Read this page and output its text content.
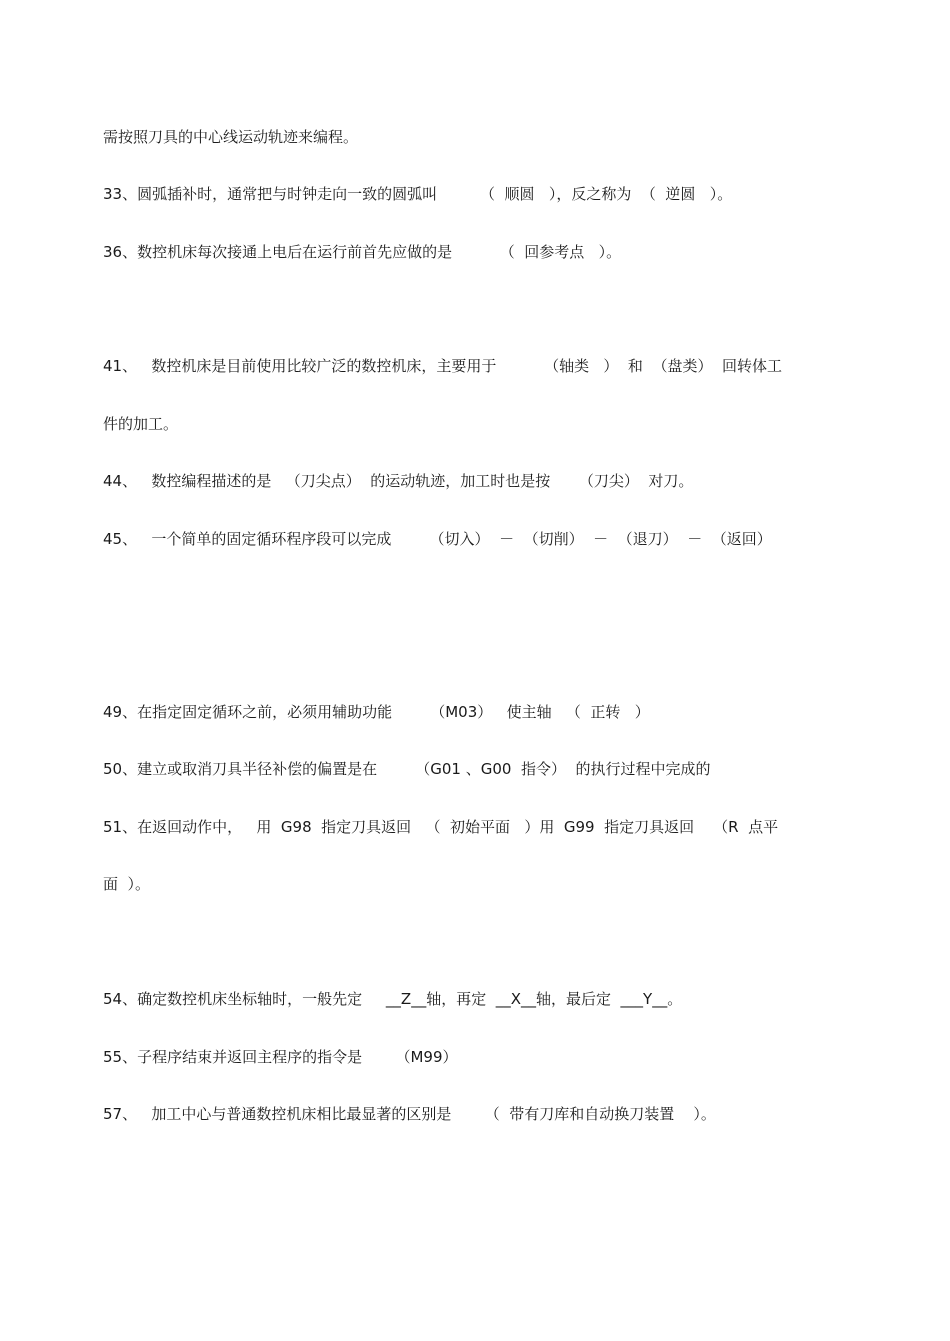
需按照刀具的中心线运动轨迹来编程。
33、圆弧插补时，通常把与时钟走向一致的圆弧叫         （  顺圆   ），反之称为  （  逆圆   ）。
36、数控机床每次接通上电后在运行前首先应做的是          （  回参考点   ）。
41、   数控机床是目前使用比较广泛的数控机床，主要用于          （轴类   ）  和  （盘类）  回转体工
件的加工。
44、   数控编程描述的是   （刀尖点）  的运动轨迹，加工时也是按      （刀尖）  对刀。
45、   一个简单的固定循环程序段可以完成        （切入）  －  （切削）  －  （退刀）  －  （返回）
49、在指定固定循环之前，必须用辅助功能        （M03）   使主轴   （  正转   ）
50、建立或取消刀具半径补偿的偏置是在        （G01 、G00  指令）  的执行过程中完成的
51、在返回动作中，   用  G98  指定刀具返回   （  初始平面   ）用  G99  指定刀具返回    （R  点平
面  ）。
54、确定数控机床坐标轴时，一般先定     __Z__轴，再定  __X__轴，最后定  ___Y__。
55、子程序结束并返回主程序的指令是       （M99）
57、   加工中心与普通数控机床相比最显著的区别是       （  带有刀库和自动换刀装置    ）。
